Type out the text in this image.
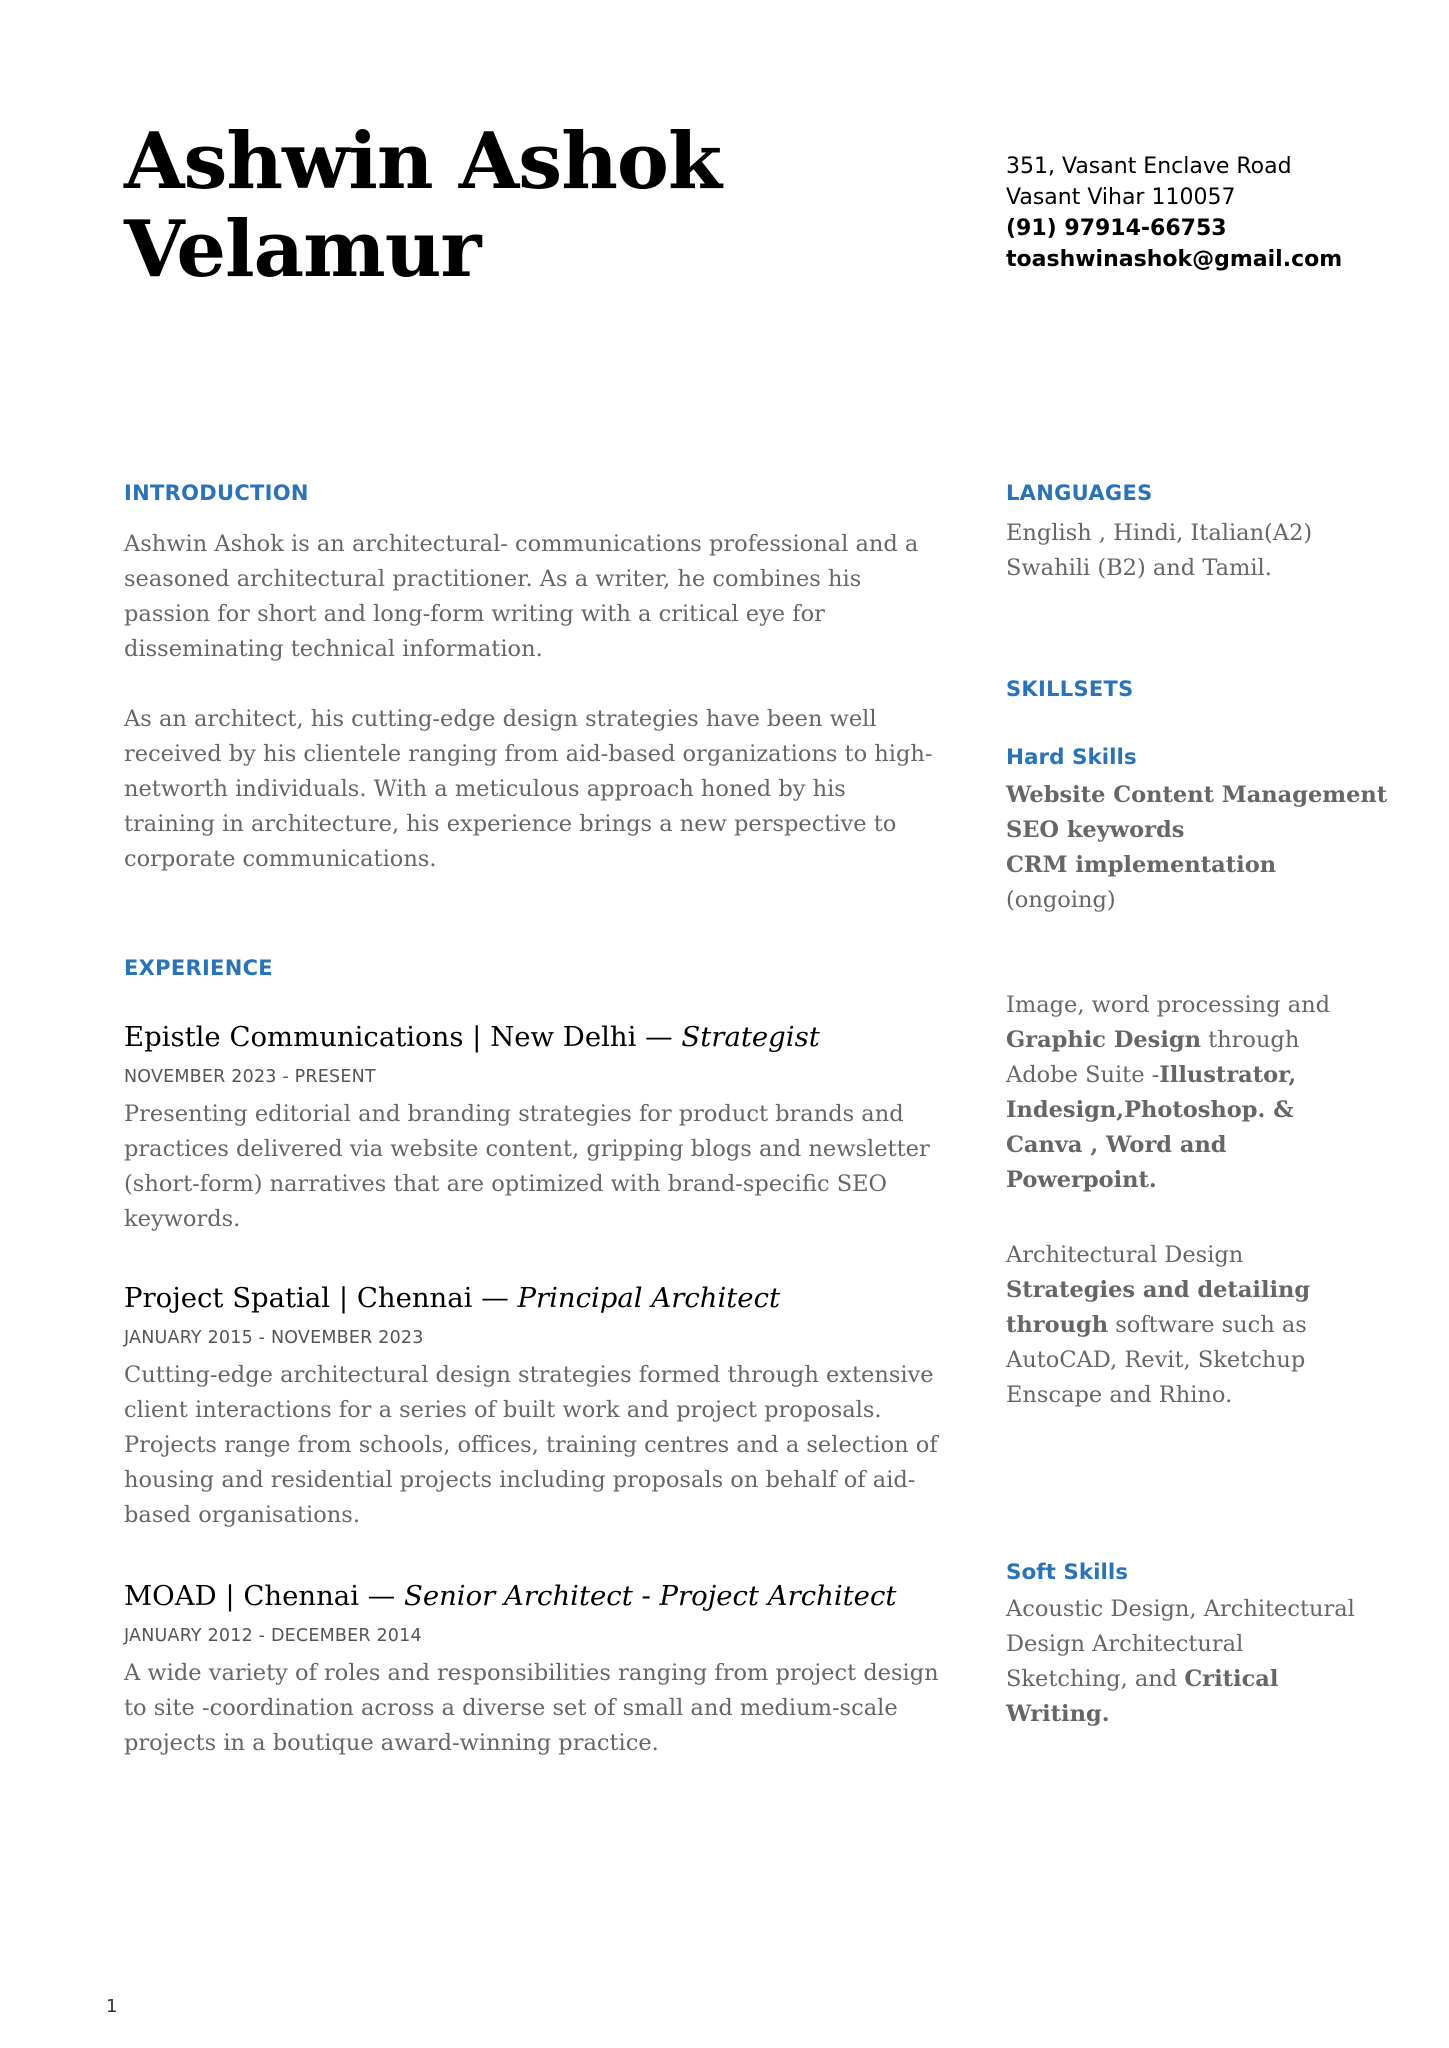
Ashwin Ashok
Velamur
351, Vasant Enclave Road
Vasant Vihar 110057
(91) 97914-66753
toashwinashok@gmail.com
INTRODUCTION
Ashwin Ashok is an architectural- communications professional and a seasoned architectural practitioner. As a writer, he combines his passion for short and long-form writing with a critical eye for disseminating technical information.
As an architect, his cutting-edge design strategies have been well received by his clientele ranging from aid-based organizations to high-networth individuals. With a meticulous approach honed by his training in architecture, his experience brings a new perspective to corporate communications.
EXPERIENCE
Epistle Communications | New Delhi — Strategist
NOVEMBER 2023 - PRESENT
Presenting editorial and branding strategies for product brands and practices delivered via website content, gripping blogs and newsletter (short-form) narratives that are optimized with brand-specific SEO keywords.
Project Spatial | Chennai — Principal Architect
JANUARY 2015 - NOVEMBER 2023
Cutting-edge architectural design strategies formed through extensive client interactions for a series of built work and project proposals. Projects range from schools, offices, training centres and a selection of housing and residential projects including proposals on behalf of aid-based organisations.
MOAD | Chennai — Senior Architect - Project Architect
JANUARY 2012 - DECEMBER 2014
A wide variety of roles and responsibilities ranging from project design to site -coordination across a diverse set of small and medium-scale projects in a boutique award-winning practice.
LANGUAGES
English , Hindi, Italian(A2)
Swahili (B2) and Tamil.
SKILLSETS
Hard Skills
Website Content Management
SEO keywords
CRM implementation
(ongoing)
Image, word processing and Graphic Design through Adobe Suite -Illustrator, Indesign,Photoshop. & Canva , Word and Powerpoint.
Architectural Design Strategies and detailing through software such as AutoCAD, Revit, Sketchup Enscape and Rhino.
Soft Skills
Acoustic Design, Architectural Design Architectural Sketching, and Critical Writing.
1
